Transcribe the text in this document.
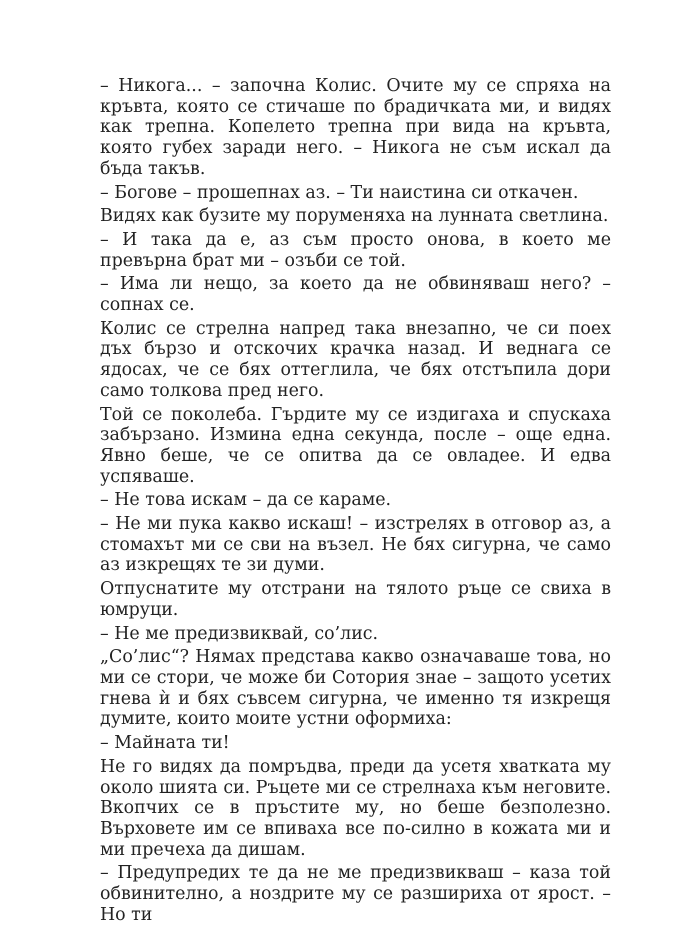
– Никога... – започна Колис. Очите му се спряха на кръвта, която се стичаше по брадичката ми, и видях как трепна. Копелето трепна при вида на кръвта, която губех заради него. – Никога не съм искал да бъда такъв.

– Богове – прошепнах аз. – Ти наистина си откачен.

Видях как бузите му порумeняха на лунната светлина.

– И така да е, аз съм просто онова, в което ме превърна брат ми – озъби се той.

– Има ли нещо, за което да не обвиняваш него? – сопнах се.

Колис се стрелна напред така внезапно, че си поех дъх бързо и отскочих крачка назад. И веднага се ядосах, че се бях оттеглила, че бях отстъпила дори само толкова пред него.

Той се поколеба. Гърдите му се издигаха и спускаха забързано. Измина една секунда, после – още една. Явно беше, че се опитва да се овладее. И едва успяваше.

– Не това искам – да се караме.

– Не ми пука какво искаш! – изстрелях в отговор аз, а стомахът ми се сви на възел. Не бях сигурна, че само аз изкрещях те зи думи.

Отпуснатите му отстрани на тялото ръце се свиха в юмруци.

– Не ме предизвиквай, со’лис.

„Со’лис“? Нямах представа какво означаваше това, но ми се стори, че може би Сотория знае – защото усетих гнева ѝ и бях съвсем сигурна, че именно тя изкрещя думите, които моите устни оформиха:

– Майната ти!

Не го видях да помръдва, преди да усетя хватката му около шията си. Ръцете ми се стрелнаха към неговите. Вкопчих се в пръстите му, но беше безполезно. Върховете им се впиваха все по-силно в кожата ми и ми пречеха да дишам.

– Предупредих те да не ме предизвикваш – каза той обвинително, а ноздрите му се разшириха от ярост. – Но ти
